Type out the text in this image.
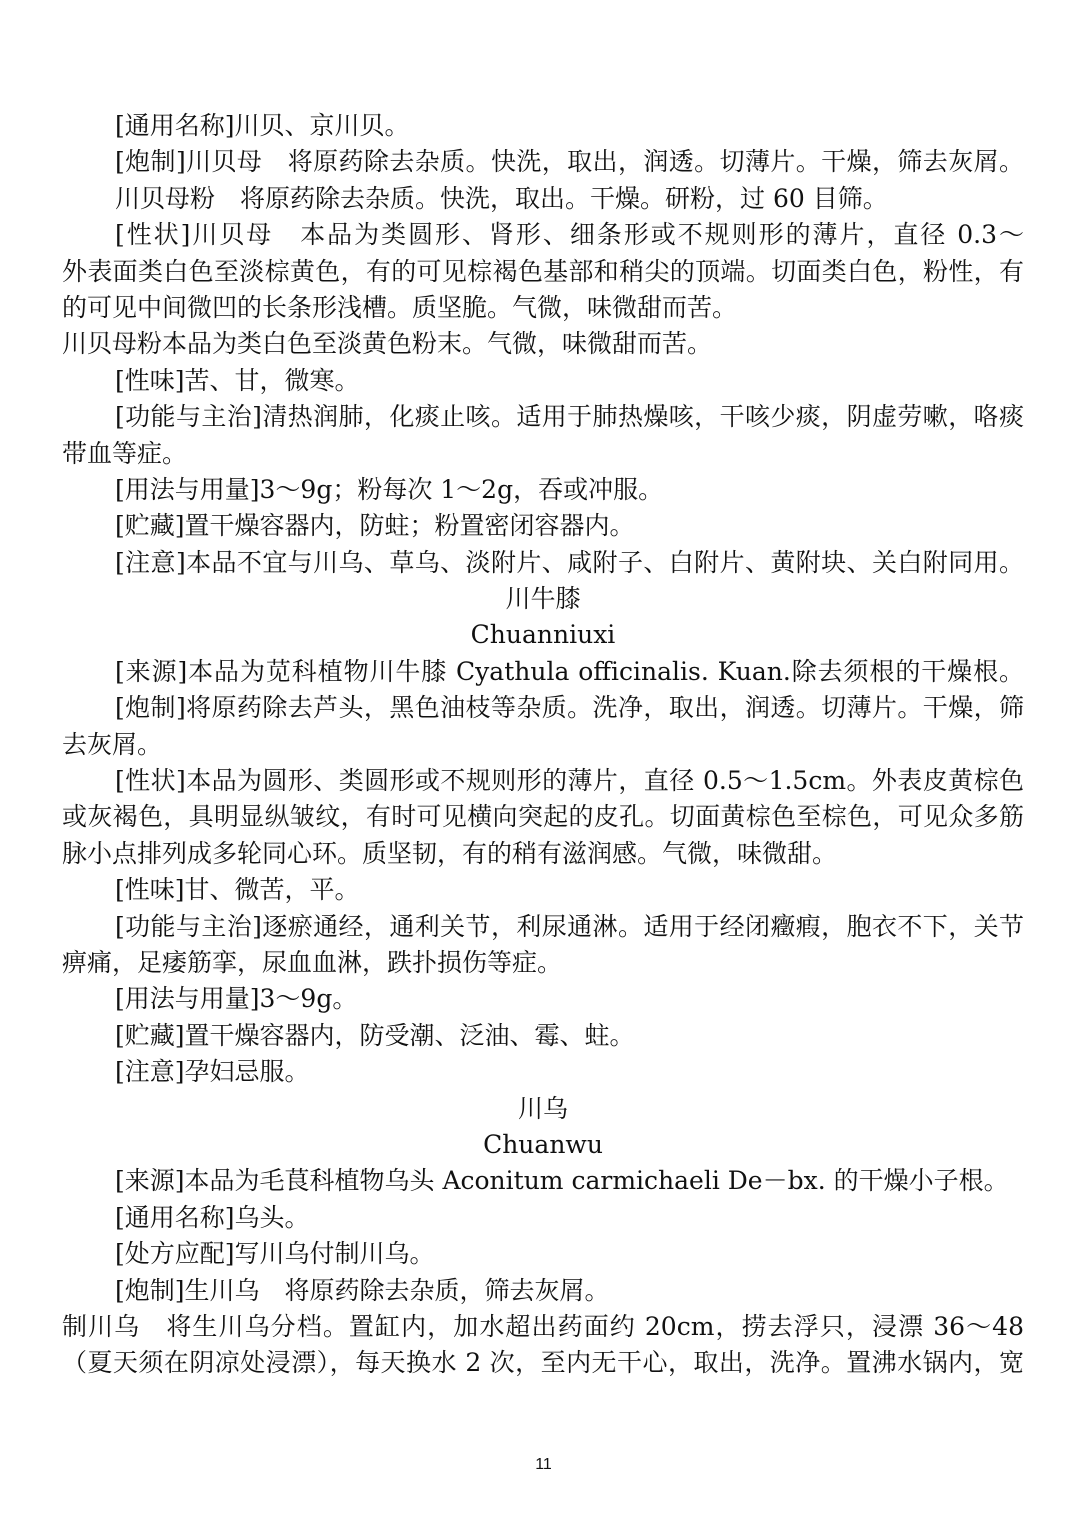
[通用名称]川贝、京川贝。
[炮制]川贝母　将原药除去杂质。快洗，取出，润透。切薄片。干燥，筛去灰屑。
川贝母粉　将原药除去杂质。快洗，取出。干燥。研粉，过 60 目筛。
[性状]川贝母　本品为类圆形、肾形、细条形或不规则形的薄片，直径 0.3～
外表面类白色至淡棕黄色，有的可见棕褐色基部和稍尖的顶端。切面类白色，粉性，有
的可见中间微凹的长条形浅槽。质坚脆。气微，味微甜而苦。
川贝母粉本品为类白色至淡黄色粉末。气微，味微甜而苦。
[性味]苦、甘，微寒。
[功能与主治]清热润肺，化痰止咳。适用于肺热燥咳，干咳少痰，阴虚劳嗽，咯痰
带血等症。
[用法与用量]3～9g；粉每次 1～2g，吞或冲服。
[贮藏]置干燥容器内，防蛀；粉置密闭容器内。
[注意]本品不宜与川乌、草乌、淡附片、咸附子、白附片、黄附块、关白附同用。
川牛膝
Chuanniuxi
[来源]本品为苋科植物川牛膝 Cyathula officinalis. Kuan.除去须根的干燥根。
[炮制]将原药除去芦头，黑色油枝等杂质。洗净，取出，润透。切薄片。干燥，筛
去灰屑。
[性状]本品为圆形、类圆形或不规则形的薄片，直径 0.5～1.5cm。外表皮黄棕色
或灰褐色，具明显纵皱纹，有时可见横向突起的皮孔。切面黄棕色至棕色，可见众多筋
脉小点排列成多轮同心环。质坚韧，有的稍有滋润感。气微，味微甜。
[性味]甘、微苦，平。
[功能与主治]逐瘀通经，通利关节，利尿通淋。适用于经闭癥瘕，胞衣不下，关节
痹痛，足痿筋挛，尿血血淋，跌扑损伤等症。
[用法与用量]3～9g。
[贮藏]置干燥容器内，防受潮、泛油、霉、蛀。
[注意]孕妇忌服。
川乌
Chuanwu
[来源]本品为毛茛科植物乌头 Aconitum carmichaeli De－bx. 的干燥小子根。
[通用名称]乌头。
[处方应配]写川乌付制川乌。
[炮制]生川乌　将原药除去杂质，筛去灰屑。
制川乌　将生川乌分档。置缸内，加水超出药面约 20cm，捞去浮只，浸漂 36～48
（夏天须在阴凉处浸漂），每天换水 2 次，至内无干心，取出，洗净。置沸水锅内，宽
11
